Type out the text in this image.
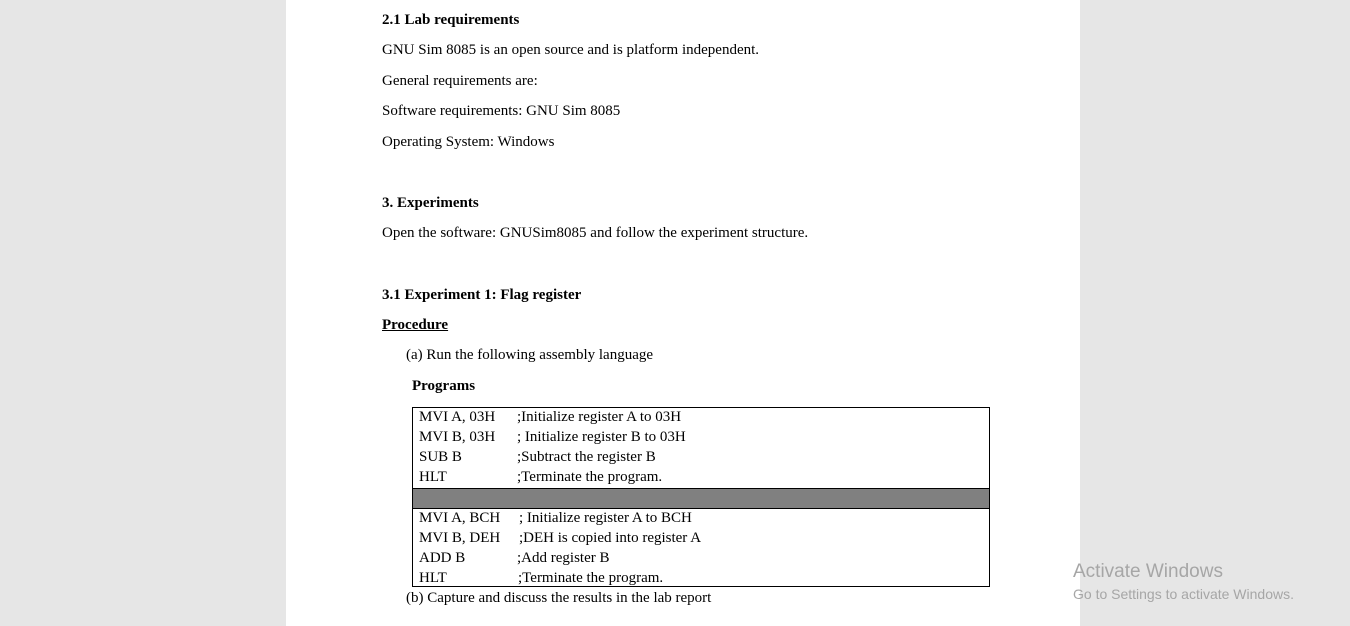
2.1 Lab requirements
GNU Sim 8085 is an open source and is platform independent.
General requirements are:
Software requirements: GNU Sim 8085
Operating System: Windows
3. Experiments
Open the software: GNUSim8085 and follow the experiment structure.
3.1 Experiment 1: Flag register
Procedure
(a) Run the following assembly language
Programs
MVI A, 03H ;Initialize register A to 03H
MVI B, 03H ; Initialize register B to 03H
SUB B	;Subtract the register B
HLT	;Terminate the program.
MVI A, BCH ; Initialize register A to BCH
MVI B, DEH ;DEH is copied into register A
ADD B	;Add register B
HLT	;Terminate the program.
(b) Capture and discuss the results in the lab report
Activate Windows
Go to Settings to activate Windows.
